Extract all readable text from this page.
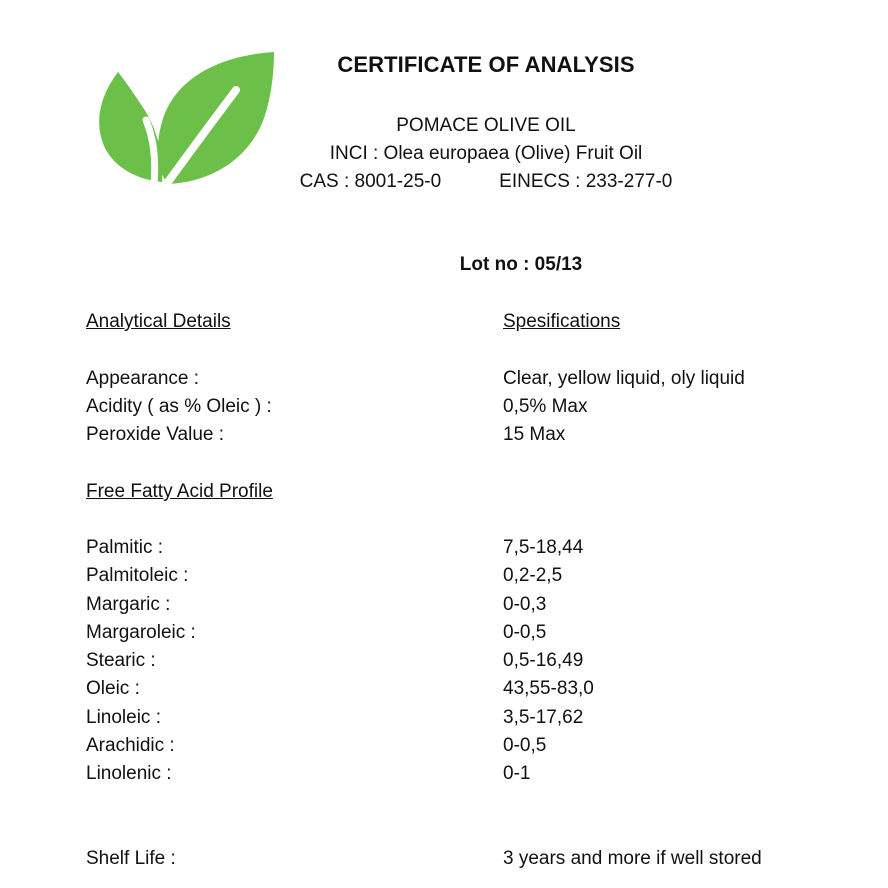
CERTIFICATE OF ANALYSIS
POMACE OLIVE OIL
INCI : Olea europaea (Olive) Fruit Oil
CAS : 8001-25-0	EINECS : 233-277-0
Lot no : 05/13
Analytical Details	Spesifications
Appearance :	Clear, yellow liquid, oly liquid
Acidity ( as % Oleic ) :	0,5% Max
Peroxide Value :	15 Max
Free Fatty Acid Profile
Palmitic :	7,5-18,44
Palmitoleic :	0,2-2,5
Margaric :	0-0,3
Margaroleic :	0-0,5
Stearic :	0,5-16,49
Oleic :	43,55-83,0
Linoleic :	3,5-17,62
Arachidic :	0-0,5
Linolenic :	0-1
Shelf Life :	3 years and more if well stored
